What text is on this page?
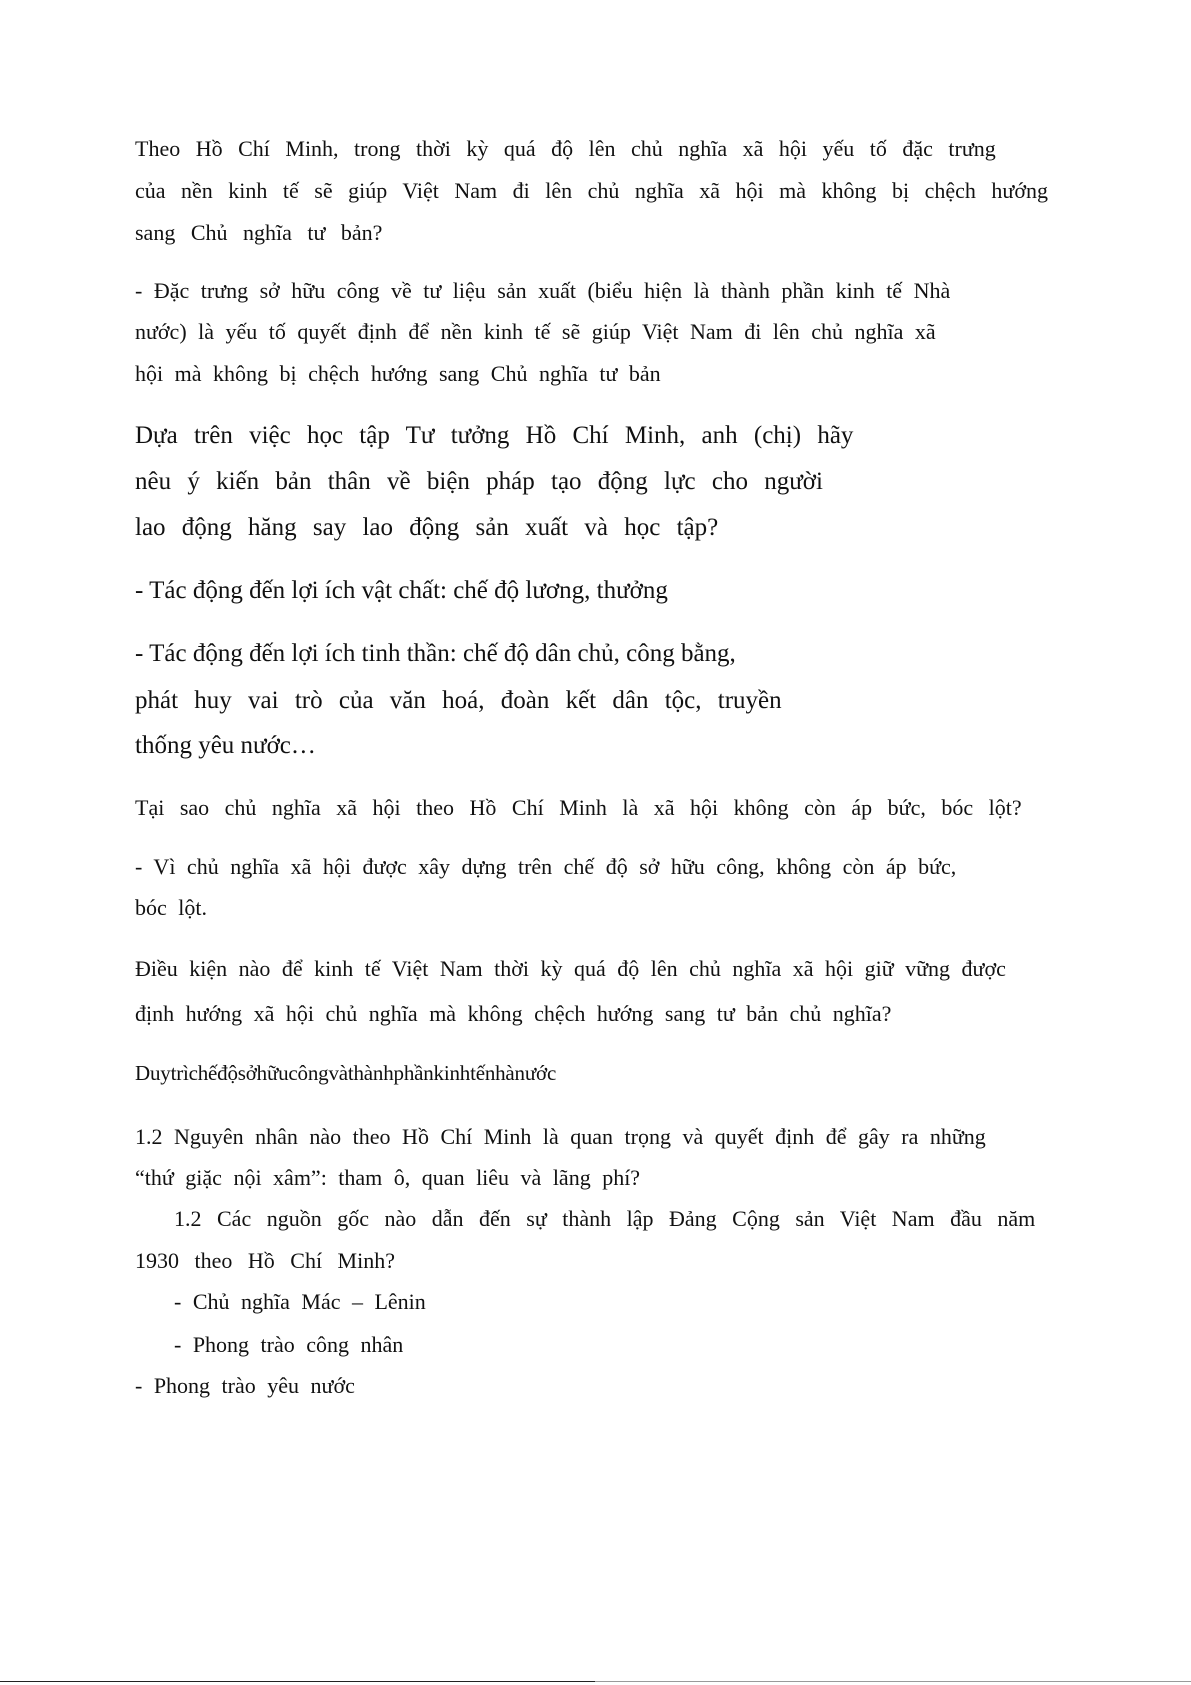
Theo Hồ Chí Minh, trong thời kỳ quá độ lên chủ nghĩa xã hội yếu tố đặc trưng
của nền kinh tế sẽ giúp Việt Nam đi lên chủ nghĩa xã hội mà không bị chệch hướng
sang Chủ nghĩa tư bản?
- Đặc trưng sở hữu công về tư liệu sản xuất (biểu hiện là thành phần kinh tế Nhà
nước) là yếu tố quyết định để nền kinh tế sẽ giúp Việt Nam đi lên chủ nghĩa xã
hội mà không bị chệch hướng sang Chủ nghĩa tư bản
Dựa trên việc học tập Tư tưởng Hồ Chí Minh, anh (chị) hãy
nêu ý kiến bản thân về biện pháp tạo động lực cho người
lao động hăng say lao động sản xuất và học tập?
- Tác động đến lợi ích vật chất: chế độ lương, thưởng
- Tác động đến lợi ích tinh thần: chế độ dân chủ, công bằng,
phát huy vai trò của văn hoá, đoàn kết dân tộc, truyền
thống yêu nước…
Tại sao chủ nghĩa xã hội theo Hồ Chí Minh là xã hội không còn áp bức, bóc lột?
- Vì chủ nghĩa xã hội được xây dựng trên chế độ sở hữu công, không còn áp bức,
bóc lột.
Điều kiện nào để kinh tế Việt Nam thời kỳ quá độ lên chủ nghĩa xã hội giữ vững được
định hướng xã hội chủ nghĩa mà không chệch hướng sang tư bản chủ nghĩa?
Duytrìchếđộsởhữucôngvàthànhphầnkinhtếnhànước
1.2 Nguyên nhân nào theo Hồ Chí Minh là quan trọng và quyết định để gây ra những
“thứ giặc nội xâm”: tham ô, quan liêu và lãng phí?
1.2 Các nguồn gốc nào dẫn đến sự thành lập Đảng Cộng sản Việt Nam đầu năm
1930 theo Hồ Chí Minh?
- Chủ nghĩa Mác – Lênin
- Phong trào công nhân
- Phong trào yêu nước
